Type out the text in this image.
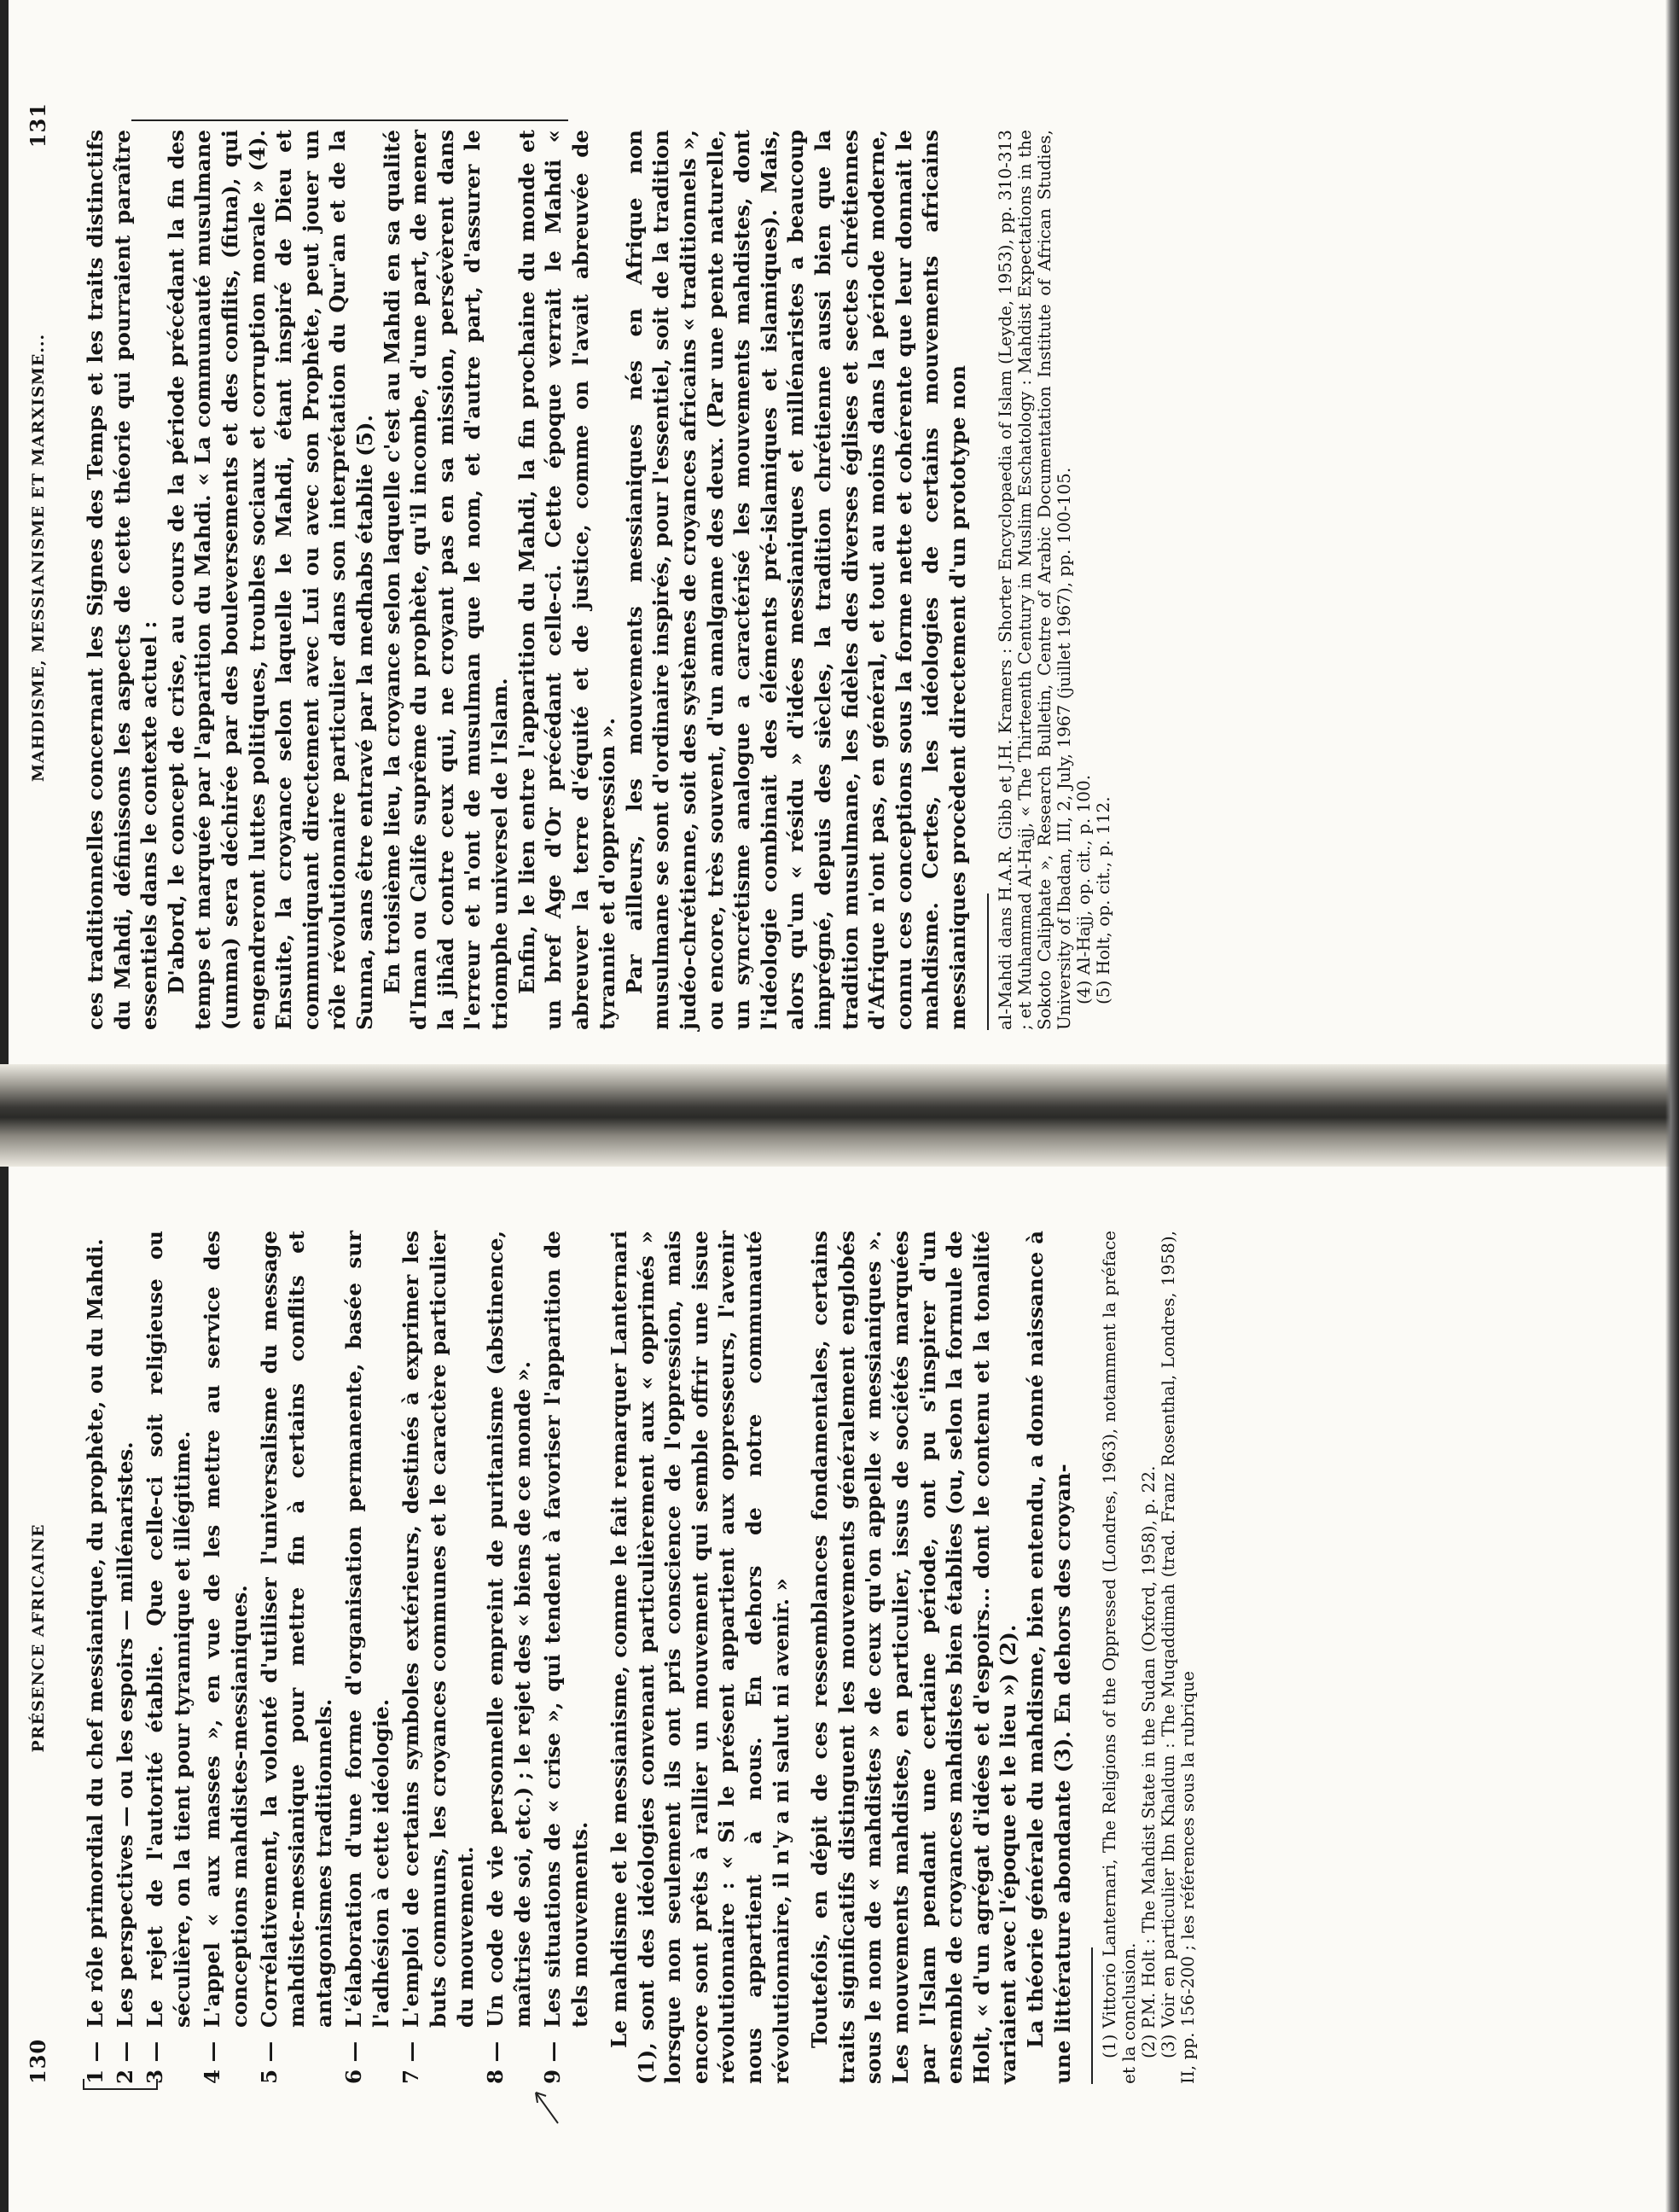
130
PRÉSENCE AFRICAINE
1 —
Le rôle primordial du chef messianique, du prophète, ou du Mahdi.
2 —
Les perspectives — ou les espoirs — millénaristes.
3 —
Le rejet de l'autorité établie. Que celle-ci soit religieuse ou séculière, on la tient pour tyrannique et illégitime.
4 —
L'appel « aux masses », en vue de les mettre au service des conceptions mahdistes-messianiques.
5 —
Corrélativement, la volonté d'utiliser l'universalisme du message mahdiste-messianique pour mettre fin à certains conflits et antagonismes traditionnels.
6 —
L'élaboration d'une forme d'organisation permanente, basée sur l'adhésion à cette idéologie.
7 —
L'emploi de certains symboles extérieurs, destinés à exprimer les buts communs, les croyances communes et le caractère particulier du mouvement.
8 —
Un code de vie personnelle empreint de puritanisme (abstinence, maîtrise de soi, etc.) ; le rejet des « biens de ce monde ».
9 —
Les situations de « crise », qui tendent à favoriser l'apparition de tels mouvements. Le mahdisme et le messianisme, comme le fait remarquer Lanternari (1), sont des idéologies convenant particulièrement aux « opprimés » lorsque non seulement ils ont pris conscience de l'oppression, mais encore sont prêts à rallier un mouvement qui semble offrir une issue révolutionnaire : « Si le présent appartient aux oppresseurs, l'avenir nous appartient à nous. En dehors de notre communauté révolutionnaire, il n'y a ni salut ni avenir. » Toutefois, en dépit de ces ressemblances fondamentales, certains traits significatifs distinguent les mouvements généralement englobés sous le nom de « mahdistes » de ceux qu'on appelle « messianiques ». Les mouvements mahdistes, en particulier, issus de sociétés marquées par l'Islam pendant une certaine période, ont pu s'inspirer d'un ensemble de croyances mahdistes bien établies (ou, selon la formule de Holt, « d'un agrégat d'idées et d'espoirs... dont le contenu et la tonalité variaient avec l'époque et le lieu ») (2). La théorie générale du mahdisme, bien entendu, a donné naissance à une littérature abondante (3). En dehors des croyan- (1) Vittorio Lanternari, The Religions of the Oppressed (Londres, 1963), notamment la préface et la conclusion. (2) P.M. Holt : The Mahdist State in the Sudan (Oxford, 1958), p. 22. (3) Voir en particulier Ibn Khaldun : The Muqaddimah (trad. Franz Rosenthal, Londres, 1958), II, pp. 156-200 ; les références sous la rubrique

MAHDISME, MESSIANISME ET MARXISME...
131

ces traditionnelles concernant les Signes des Temps et les traits distinctifs du Mahdi, définissons les aspects de cette théorie qui pourraient paraître essentiels dans le contexte actuel : D'abord, le concept de crise, au cours de la période précédant la fin des temps et marquée par l'apparition du Mahdi. « La communauté musulmane (umma) sera déchirée par des bouleversements et des conflits, (fitna), qui engendreront luttes politiques, troubles sociaux et corruption morale » (4). Ensuite, la croyance selon laquelle le Mahdi, étant inspiré de Dieu et communiquant directement avec Lui ou avec son Prophète, peut jouer un rôle révolutionnaire particulier dans son interprétation du Qur'an et de la Sunna, sans être entravé par la medhabs établie (5). En troisième lieu, la croyance selon laquelle c'est au Mahdi en sa qualité d'Iman ou Calife suprême du prophète, qu'il incombe, d'une part, de mener la jihâd contre ceux qui, ne croyant pas en sa mission, persévèrent dans l'erreur et n'ont de musulman que le nom, et d'autre part, d'assurer le triomphe universel de l'Islam. Enfin, le lien entre l'apparition du Mahdi, la fin prochaine du monde et un bref Age d'Or précédant celle-ci. Cette époque verrait le Mahdi « abreuver la terre d'équité et de justice, comme on l'avait abreuvée de tyrannie et d'oppression ». Par ailleurs, les mouvements messianiques nés en Afrique non musulmane se sont d'ordinaire inspirés, pour l'essentiel, soit de la tradition judéo-chrétienne, soit des systèmes de croyances africains « traditionnels », ou encore, très souvent, d'un amalgame des deux. (Par une pente naturelle, un syncrétisme analogue a caractérisé les mouvements mahdistes, dont l'idéologie combinait des éléments pré-islamiques et islamiques). Mais, alors qu'un « résidu » d'idées messianiques et millénaristes a beaucoup imprégné, depuis des siècles, la tradition chrétienne aussi bien que la tradition musulmane, les fidèles des diverses églises et sectes chrétiennes d'Afrique n'ont pas, en général, et tout au moins dans la période moderne, connu ces conceptions sous la forme nette et cohérente que leur donnait le mahdisme. Certes, les idéologies de certains mouvements africains messianiques procèdent directement d'un prototype non al-Mahdi dans H.A.R. Gibb et J.H. Kramers : Shorter Encyclopaedia of Islam (Leyde, 1953), pp. 310-313 ; et Muhammad Al-Hajj, « The Thirteenth Century in Muslim Eschatology : Mahdist Expectations in the Sokoto Caliphate », Research Bulletin, Centre of Arabic Documentation Institute of African Studies, University of Ibadan, III, 2, July, 1967 (juillet 1967), pp. 100-105. (4) Al-Hajj, op. cit., p. 100. (5) Holt, op. cit., p. 112.
